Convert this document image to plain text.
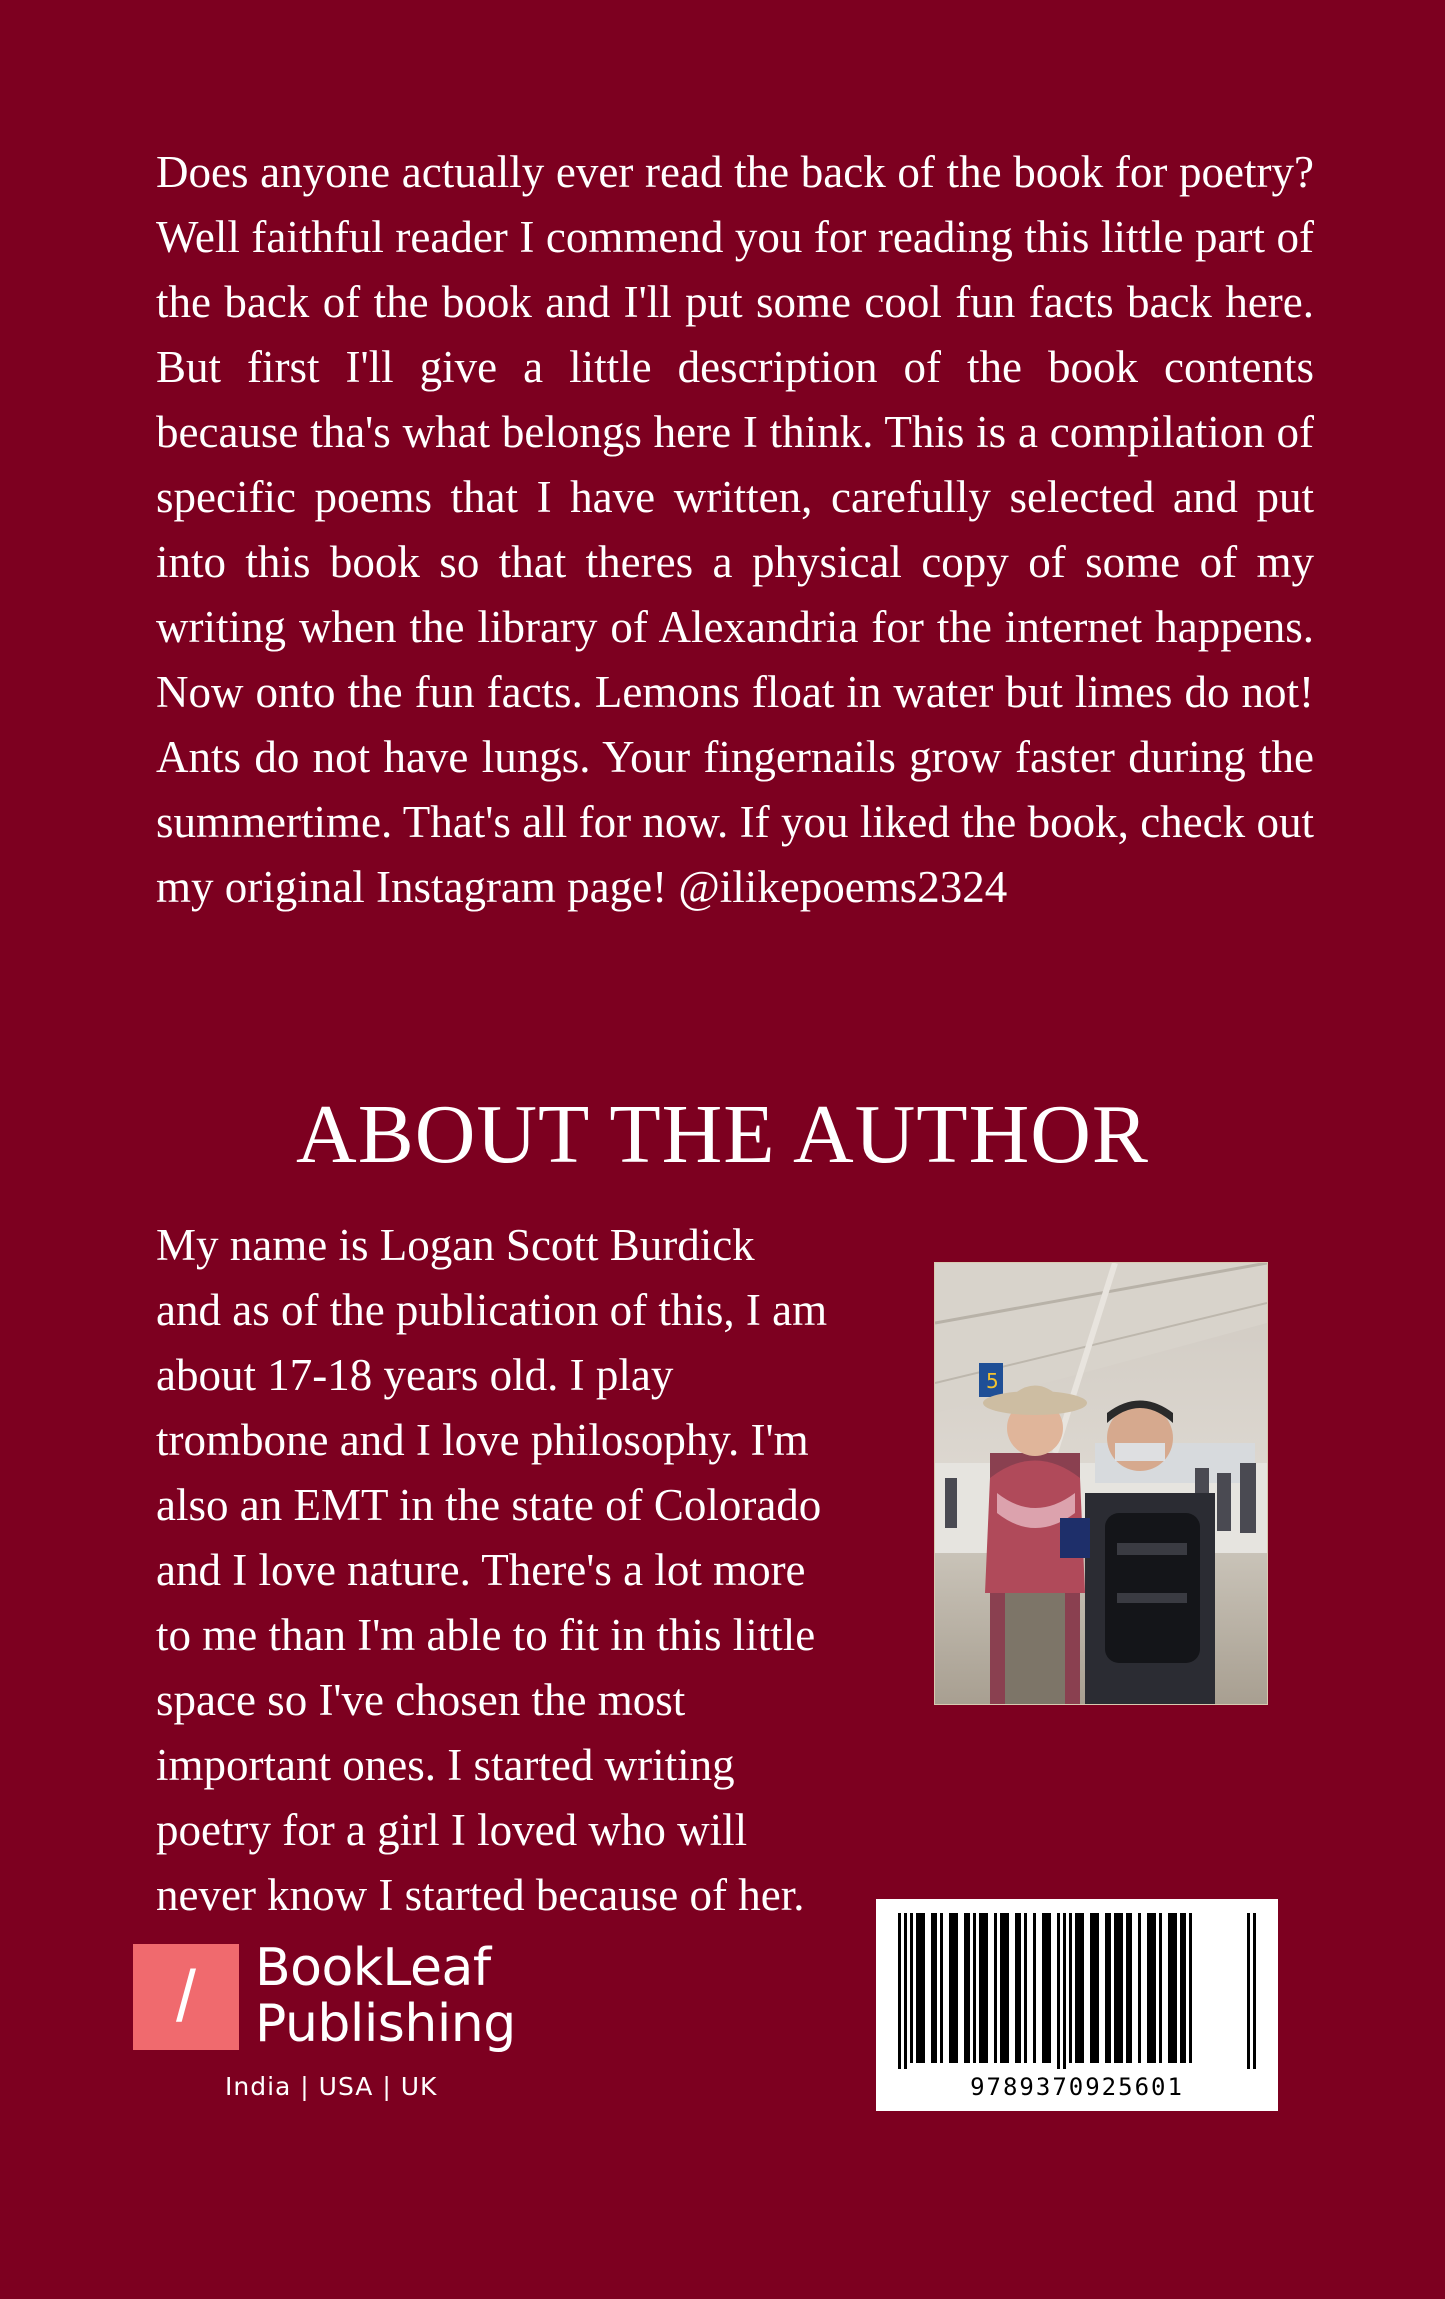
Does anyone actually ever read the back of the book for poetry? Well faithful reader I commend you for reading this little part of the back of the book and I'll put some cool fun facts back here. But first I'll give a little description of the book contents because tha's what belongs here I think. This is a compilation of specific poems that I have written, carefully selected and put into this book so that theres a physical copy of some of my writing when the library of Alexandria for the internet happens. Now onto the fun facts. Lemons float in water but limes do not! Ants do not have lungs. Your fingernails grow faster during the summertime. That's all for now. If you liked the book, check out my original Instagram page! @ilikepoems2324

ABOUT THE AUTHOR
My name is Logan Scott Burdick
and as of the publication of this, I am
about 17-18 years old. I play
trombone and I love philosophy. I'm
also an EMT in the state of Colorado
and I love nature. There's a lot more
to me than I'm able to fit in this little
space so I've chosen the most
important ones. I started writing
poetry for a girl I loved who will
never know I started because of her.
5
/	BookLeaf
Publishing
India | USA | UK	9789370925601
